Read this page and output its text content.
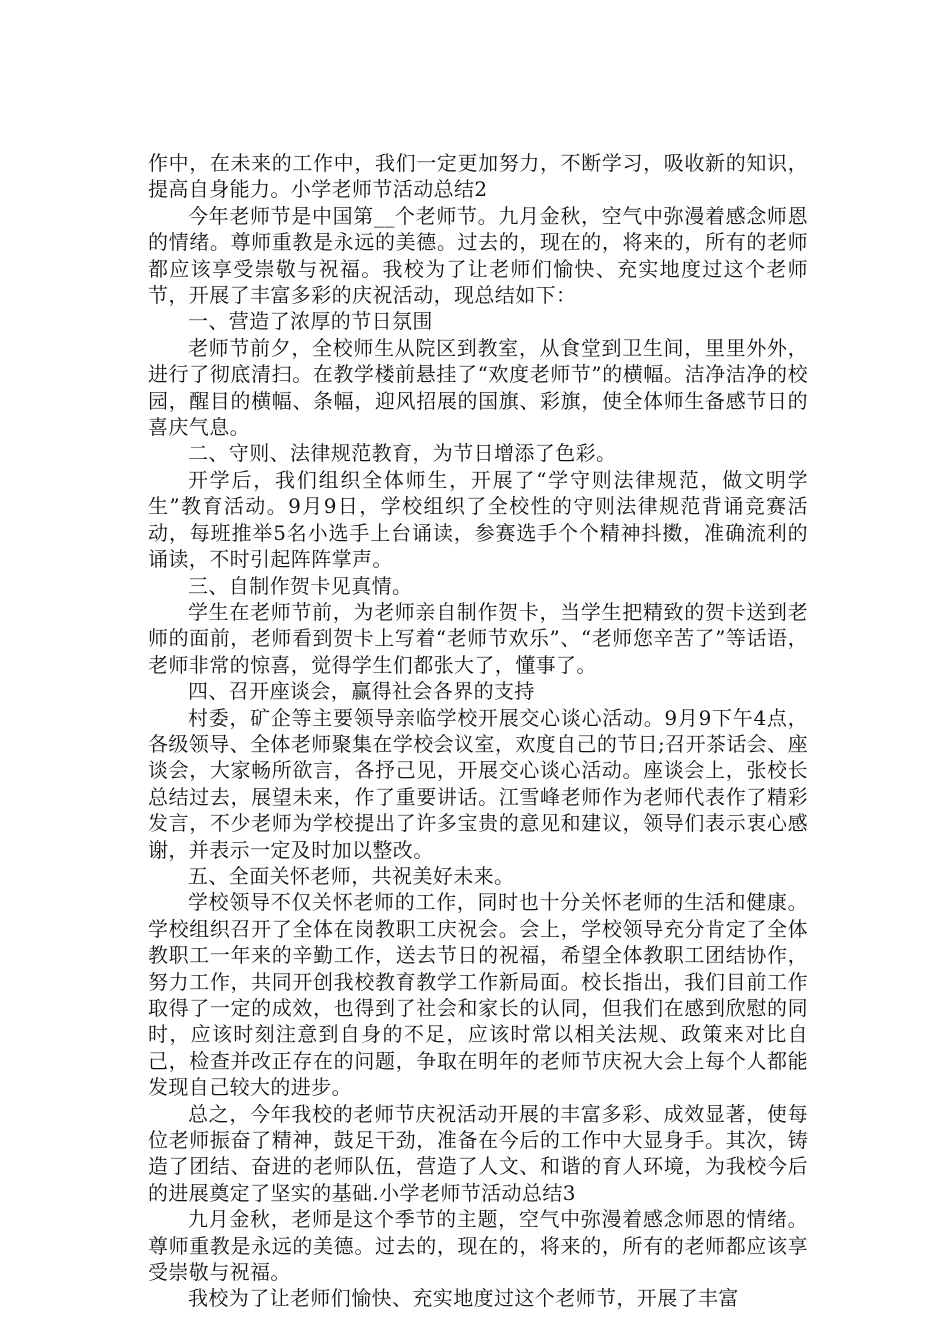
作中，在未来的工作中，我们一定更加努力，不断学习，吸收新的知识，提高自身能力。小学老师节活动总结2

今年老师节是中国第__个老师节。九月金秋，空气中弥漫着感念师恩的情绪。尊师重教是永远的美德。过去的，现在的，将来的，所有的老师都应该享受崇敬与祝福。我校为了让老师们愉快、充实地度过这个老师节，开展了丰富多彩的庆祝活动，现总结如下：

一、营造了浓厚的节日氛围

老师节前夕，全校师生从院区到教室，从食堂到卫生间，里里外外，进行了彻底清扫。在教学楼前悬挂了“欢度老师节”的横幅。洁净洁净的校园，醒目的横幅、条幅，迎风招展的国旗、彩旗，使全体师生备感节日的喜庆气息。

二、守则、法律规范教育，为节日增添了色彩。

开学后，我们组织全体师生，开展了“学守则法律规范，做文明学生”教育活动。9月9日，学校组织了全校性的守则法律规范背诵竞赛活动，每班推举5名小选手上台诵读，参赛选手个个精神抖擞，准确流利的诵读，不时引起阵阵掌声。

三、自制作贺卡见真情。

学生在老师节前，为老师亲自制作贺卡，当学生把精致的贺卡送到老师的面前，老师看到贺卡上写着“老师节欢乐”、“老师您辛苦了”等话语，老师非常的惊喜，觉得学生们都张大了，懂事了。

四、召开座谈会，赢得社会各界的支持

村委，矿企等主要领导亲临学校开展交心谈心活动。9月9下午4点，各级领导、全体老师聚集在学校会议室，欢度自己的节日;召开茶话会、座谈会，大家畅所欲言，各抒己见，开展交心谈心活动。座谈会上，张校长总结过去，展望未来，作了重要讲话。江雪峰老师作为老师代表作了精彩发言，不少老师为学校提出了许多宝贵的意见和建议，领导们表示衷心感谢，并表示一定及时加以整改。

五、全面关怀老师，共祝美好未来。

学校领导不仅关怀老师的工作，同时也十分关怀老师的生活和健康。学校组织召开了全体在岗教职工庆祝会。会上，学校领导充分肯定了全体教职工一年来的辛勤工作，送去节日的祝福，希望全体教职工团结协作，努力工作，共同开创我校教育教学工作新局面。校长指出，我们目前工作取得了一定的成效，也得到了社会和家长的认同，但我们在感到欣慰的同时，应该时刻注意到自身的不足，应该时常以相关法规、政策来对比自己，检查并改正存在的问题，争取在明年的老师节庆祝大会上每个人都能发现自己较大的进步。

总之，今年我校的老师节庆祝活动开展的丰富多彩、成效显著，使每位老师振奋了精神，鼓足干劲，准备在今后的工作中大显身手。其次，铸造了团结、奋进的老师队伍，营造了人文、和谐的育人环境，为我校今后的进展奠定了坚实的基础.小学老师节活动总结3

九月金秋，老师是这个季节的主题，空气中弥漫着感念师恩的情绪。尊师重教是永远的美德。过去的，现在的，将来的，所有的老师都应该享受崇敬与祝福。

我校为了让老师们愉快、充实地度过这个老师节，开展了丰富
